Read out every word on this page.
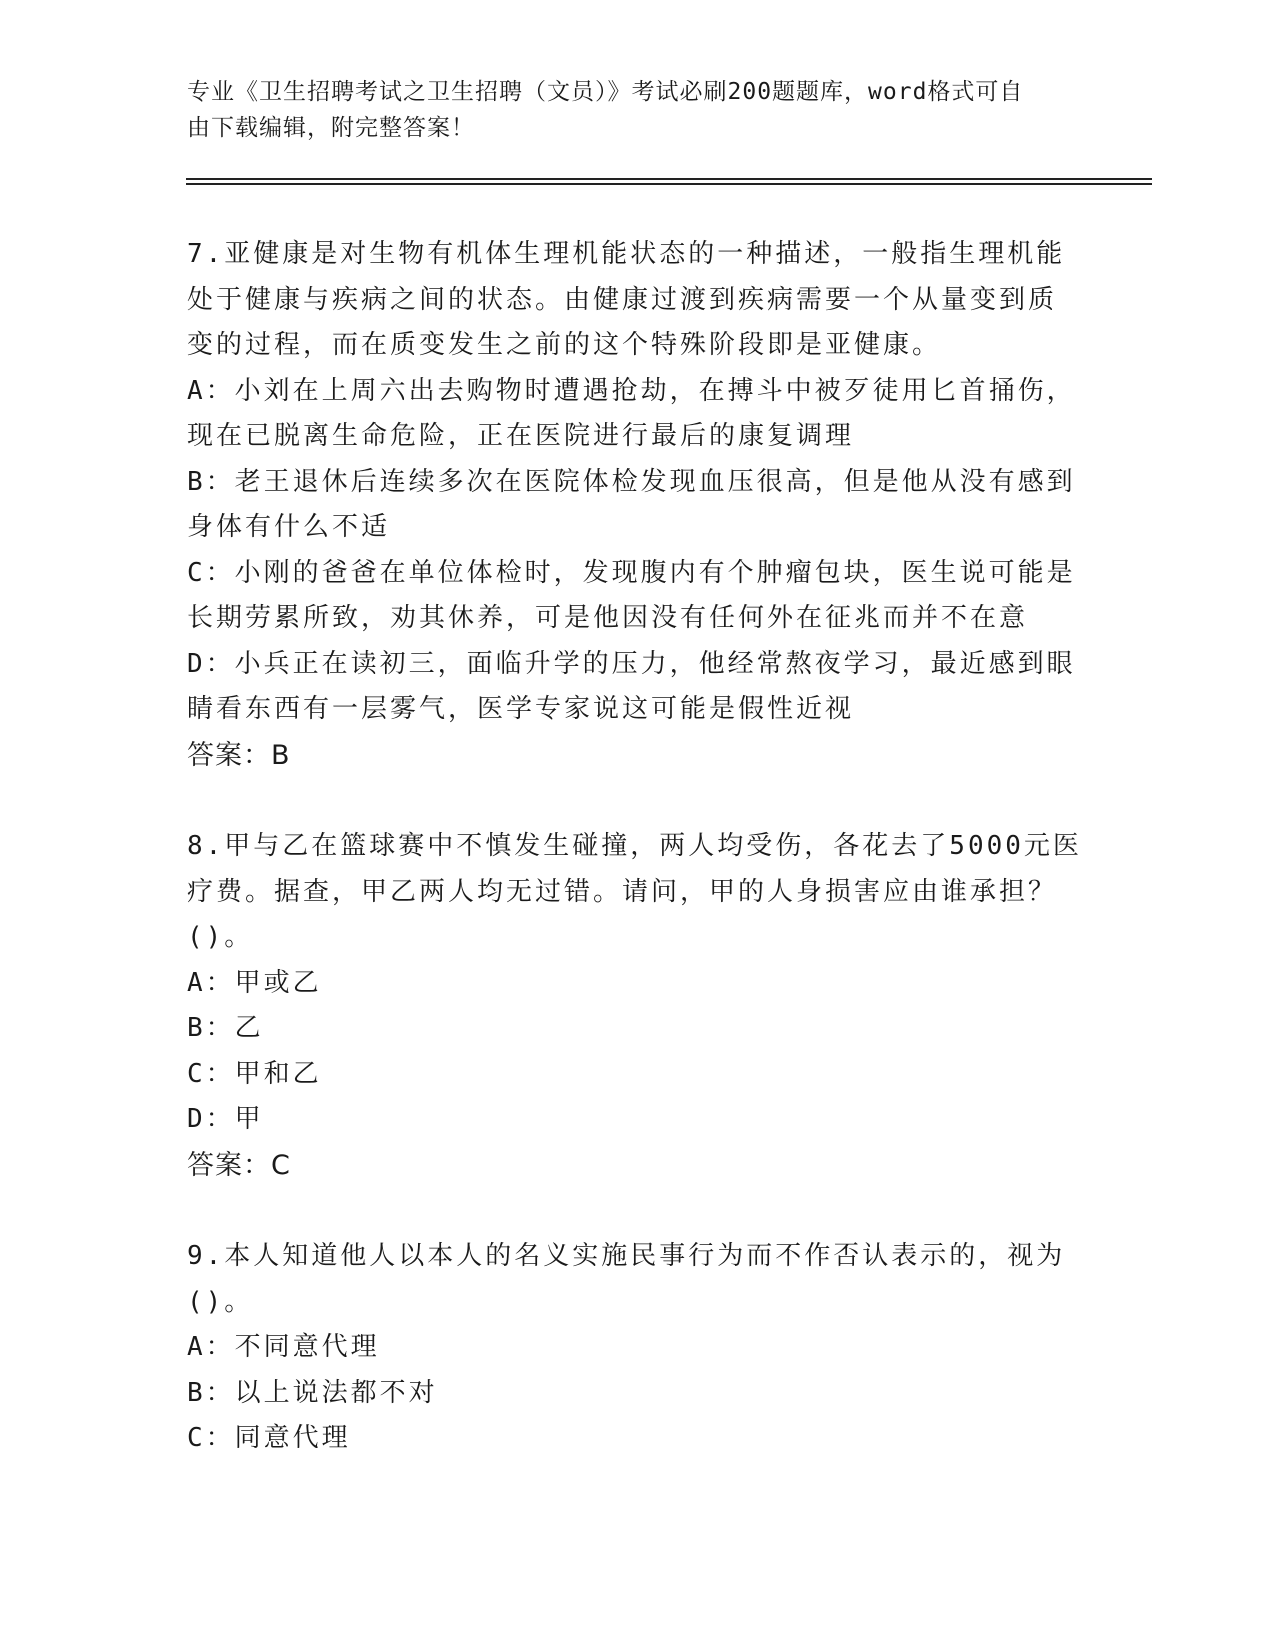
专业《卫生招聘考试之卫生招聘（文员）》考试必刷200题题库，word格式可自
由下载编辑，附完整答案！

7.亚健康是对生物有机体生理机能状态的一种描述，一般指生理机能

处于健康与疾病之间的状态。由健康过渡到疾病需要一个从量变到质

变的过程，而在质变发生之前的这个特殊阶段即是亚健康。

A：小刘在上周六出去购物时遭遇抢劫，在搏斗中被歹徒用匕首捅伤，

现在已脱离生命危险，正在医院进行最后的康复调理

B：老王退休后连续多次在医院体检发现血压很高，但是他从没有感到

身体有什么不适

C：小刚的爸爸在单位体检时，发现腹内有个肿瘤包块，医生说可能是

长期劳累所致，劝其休养，可是他因没有任何外在征兆而并不在意

D：小兵正在读初三，面临升学的压力，他经常熬夜学习，最近感到眼

睛看东西有一层雾气，医学专家说这可能是假性近视

答案：B

8.甲与乙在篮球赛中不慎发生碰撞，两人均受伤，各花去了5000元医

疗费。据查，甲乙两人均无过错。请问，甲的人身损害应由谁承担？

()。

A：甲或乙

B：乙

C：甲和乙

D：甲

答案：C

9.本人知道他人以本人的名义实施民事行为而不作否认表示的，视为

()。

A：不同意代理

B：以上说法都不对

C：同意代理
